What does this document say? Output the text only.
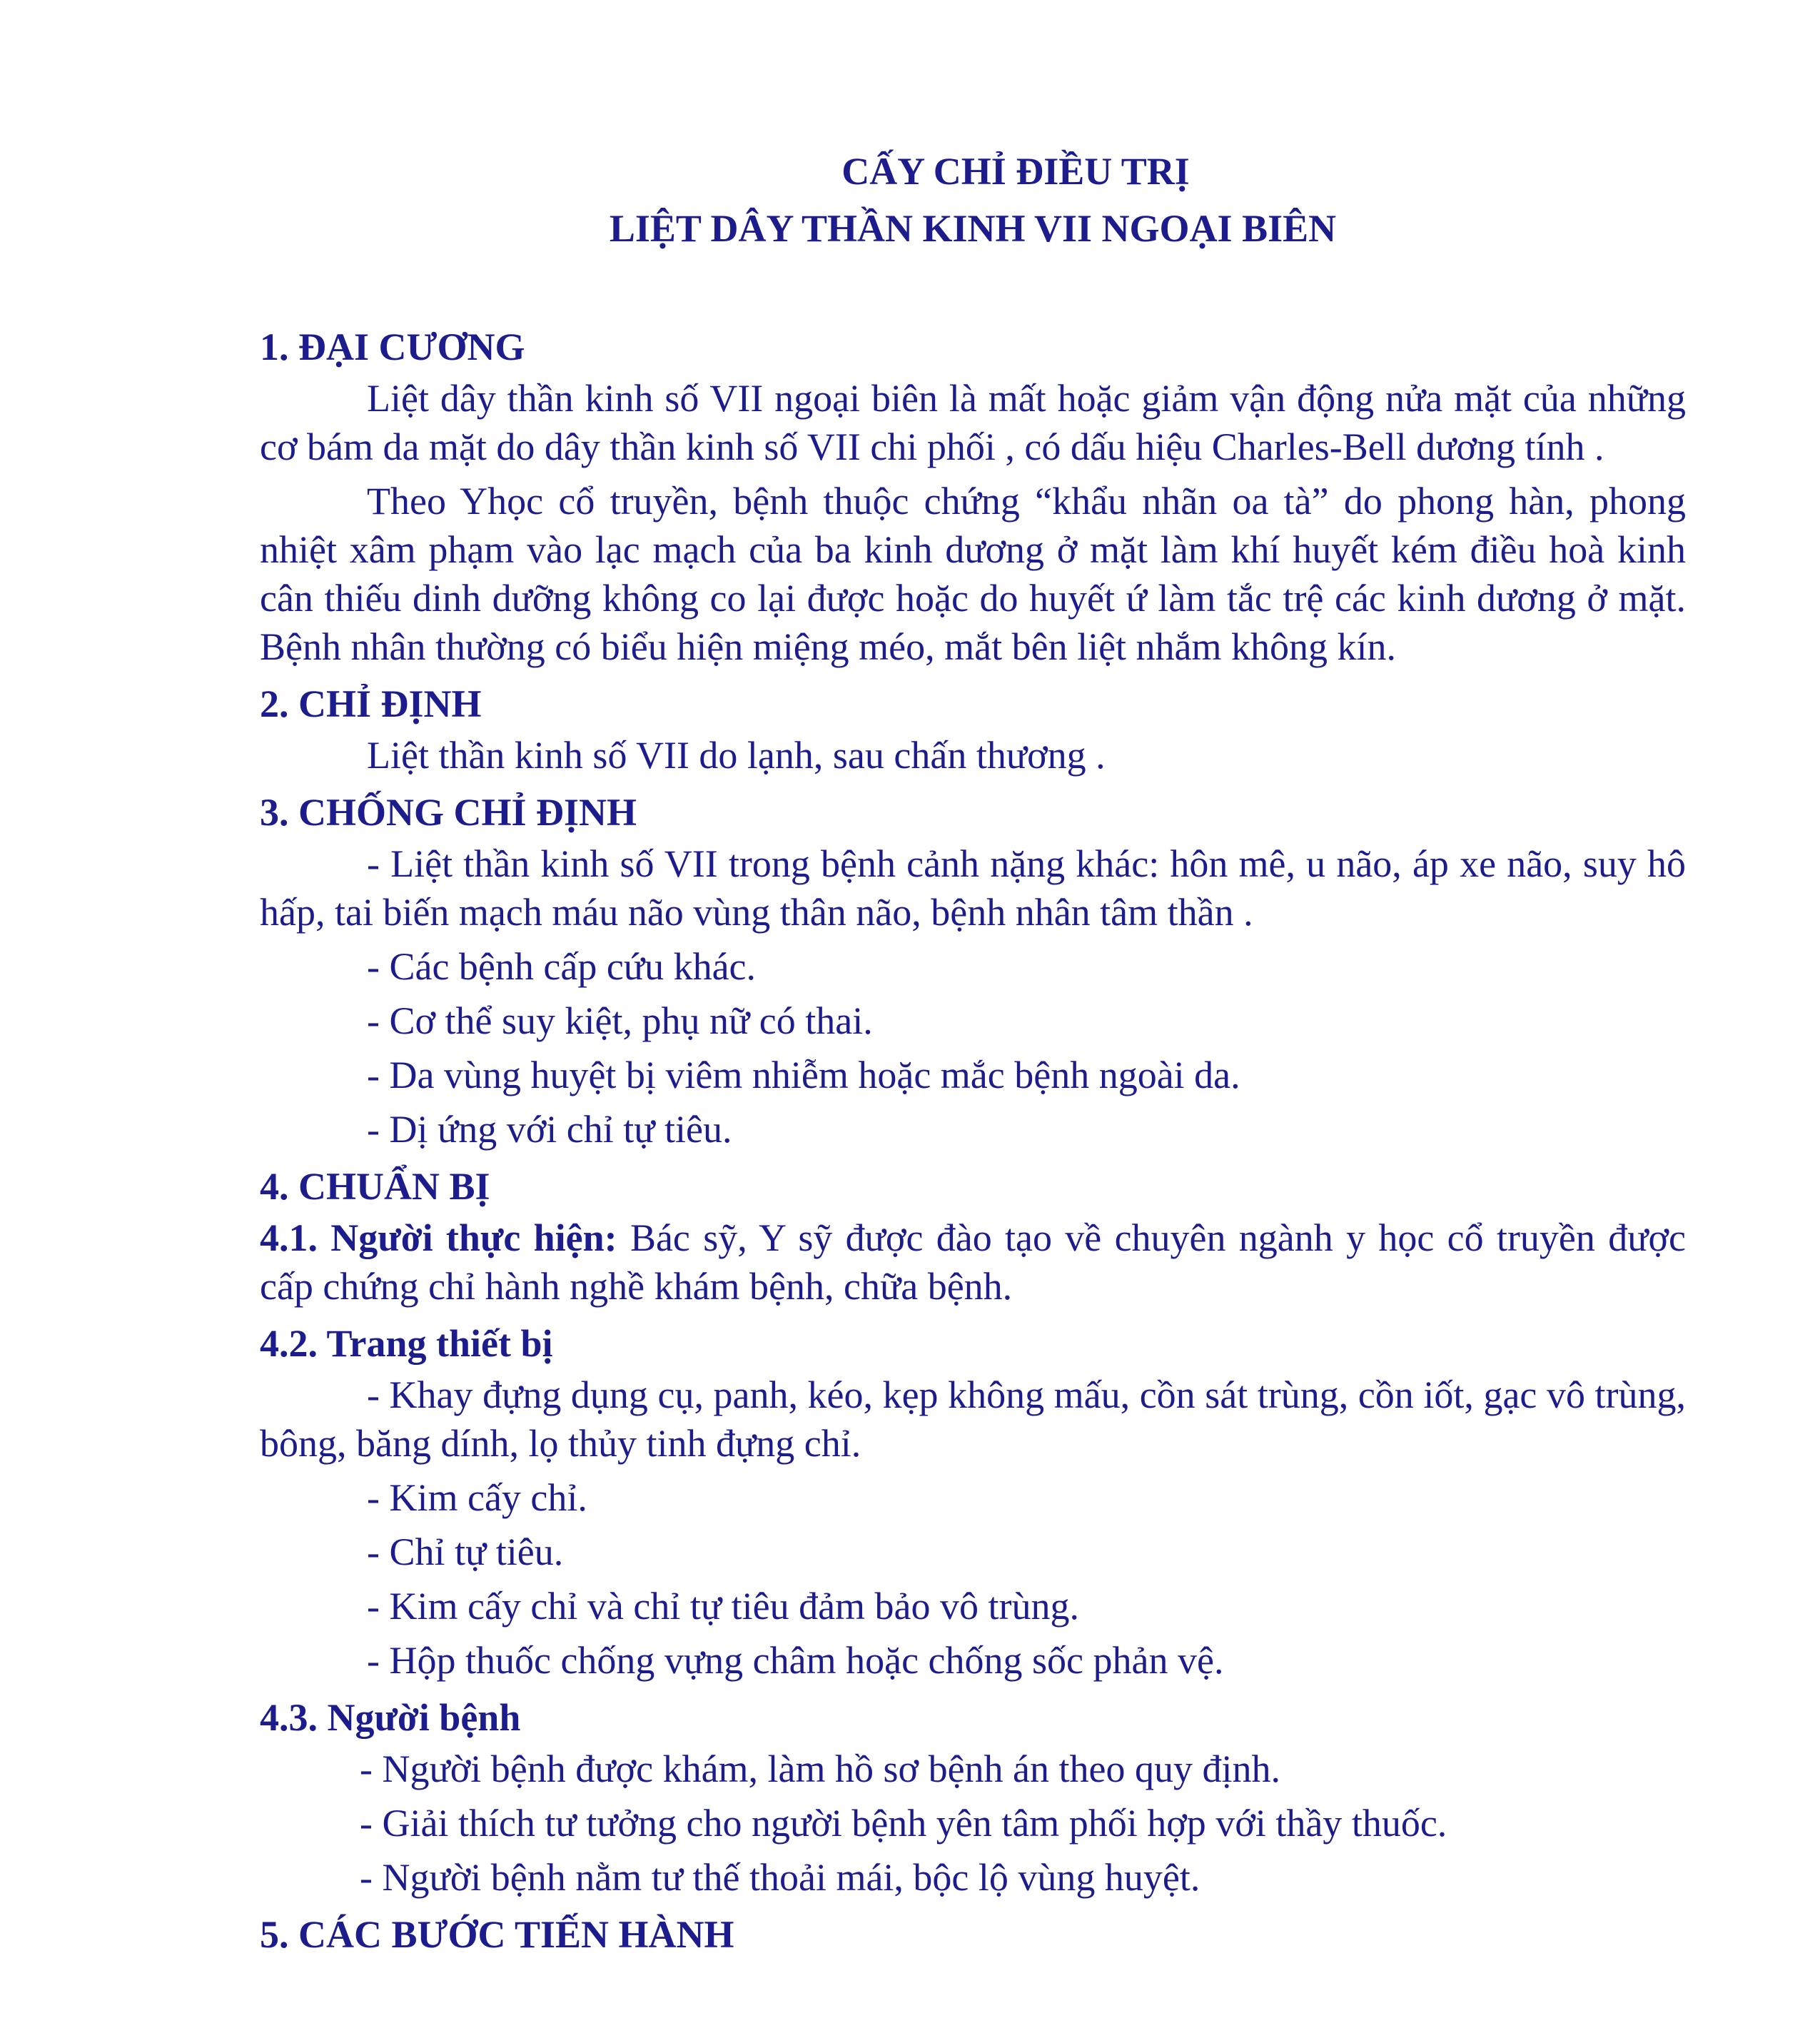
CẤY CHỈ ĐIỀU TRỊ

LIỆT DÂY THẦN KINH VII NGOẠI BIÊN

1. ĐẠI CƯƠNG

Liệt dây thần kinh số VII ngoại biên là mất hoặc giảm vận động nửa mặt của những cơ bám da mặt do dây thần kinh số VII chi phối , có dấu hiệu Charles-Bell dương tính .

Theo Yhọc cổ truyền, bệnh thuộc chứng “khẩu nhãn oa tà” do phong hàn, phong nhiệt xâm phạm vào lạc mạch của ba kinh dương ở mặt làm khí huyết kém điều hoà kinh cân thiếu dinh dưỡng không co lại được hoặc do huyết ứ làm tắc trệ các kinh dương ở mặt. Bệnh nhân thường có biểu hiện miệng méo, mắt bên liệt nhắm không kín.

2. CHỈ ĐỊNH

Liệt thần kinh số VII do lạnh, sau chấn thương .

3. CHỐNG CHỈ ĐỊNH

- Liệt thần kinh số VII trong bệnh cảnh nặng khác: hôn mê, u não, áp xe não, suy hô hấp, tai biến mạch máu não vùng thân não, bệnh nhân tâm thần .

- Các bệnh cấp cứu khác.

- Cơ thể suy kiệt, phụ nữ có thai.

- Da vùng huyệt bị viêm nhiễm hoặc mắc bệnh ngoài da.

- Dị ứng với chỉ tự tiêu.

4. CHUẨN BỊ

4.1. Người thực hiện: Bác sỹ, Y sỹ được đào tạo về chuyên ngành y học cổ truyền được cấp chứng chỉ hành nghề khám bệnh, chữa bệnh.

4.2. Trang thiết bị

- Khay đựng dụng cụ, panh, kéo, kẹp không mấu, cồn sát trùng, cồn iốt, gạc vô trùng, bông, băng dính, lọ thủy tinh đựng chỉ.

- Kim cấy chỉ.

- Chỉ tự tiêu.

- Kim cấy chỉ và chỉ tự tiêu đảm bảo vô trùng.

- Hộp thuốc chống vựng châm hoặc chống sốc phản vệ.

4.3. Người bệnh

- Người bệnh được khám, làm hồ sơ bệnh án theo quy định.

- Giải thích tư tưởng cho người bệnh yên tâm phối hợp với thầy thuốc.

- Người bệnh nằm tư thế thoải mái, bộc lộ vùng huyệt.

5. CÁC BƯỚC TIẾN HÀNH
